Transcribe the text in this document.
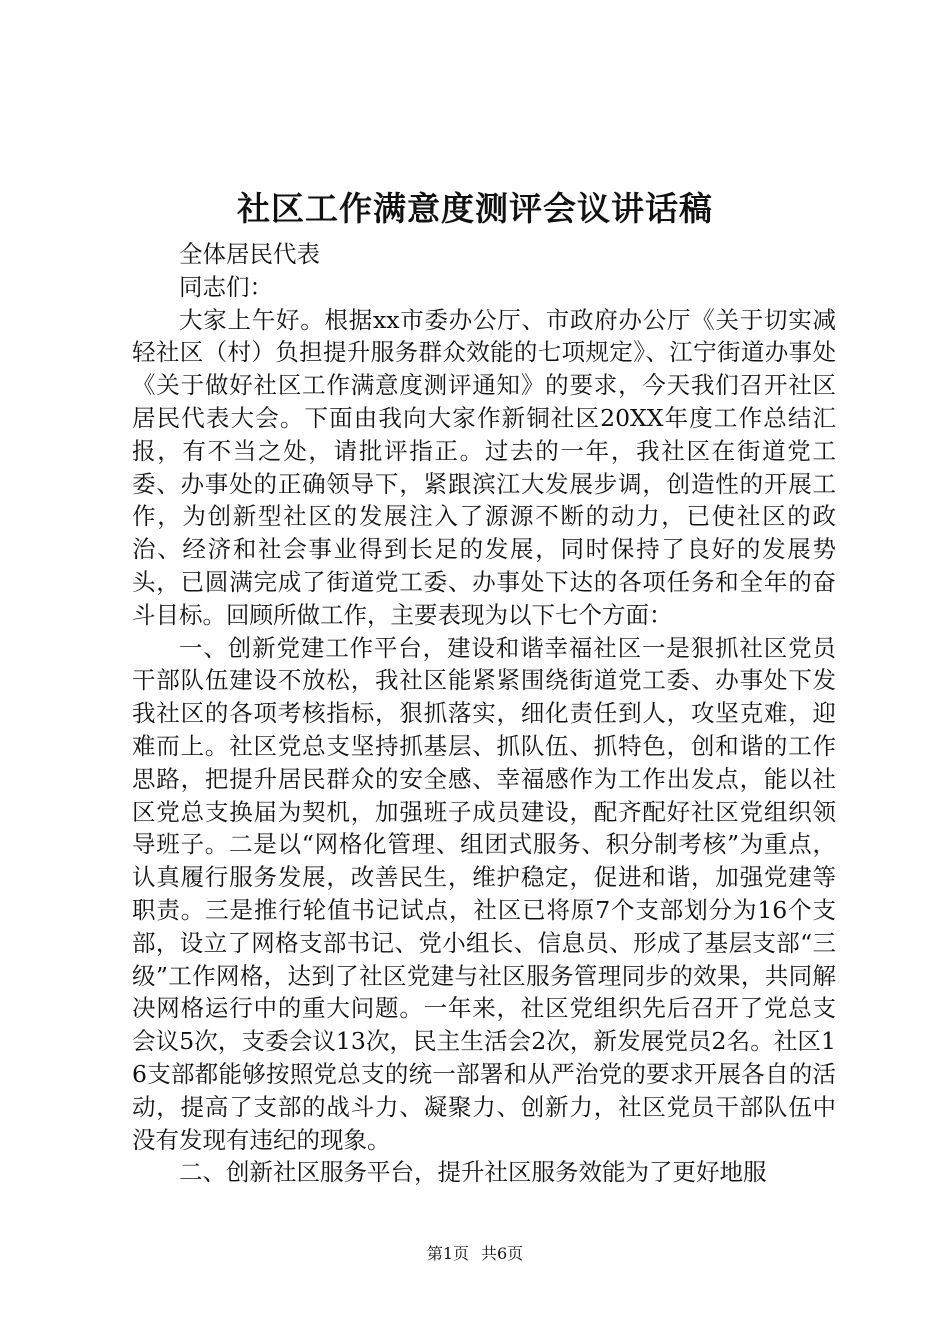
社区工作满意度测评会议讲话稿

全体居民代表

同志们：

大家上午好。根据xx市委办公厅、市政府办公厅《关于切实减轻社区（村）负担提升服务群众效能的七项规定》、江宁街道办事处《关于做好社区工作满意度测评通知》的要求，今天我们召开社区居民代表大会。下面由我向大家作新铜社区20XX年度工作总结汇报，有不当之处，请批评指正。过去的一年，我社区在街道党工委、办事处的正确领导下，紧跟滨江大发展步调，创造性的开展工作，为创新型社区的发展注入了源源不断的动力，已使社区的政治、经济和社会事业得到长足的发展，同时保持了良好的发展势头，已圆满完成了街道党工委、办事处下达的各项任务和全年的奋斗目标。回顾所做工作，主要表现为以下七个方面：

一、创新党建工作平台，建设和谐幸福社区一是狠抓社区党员干部队伍建设不放松，我社区能紧紧围绕街道党工委、办事处下发我社区的各项考核指标，狠抓落实，细化责任到人，攻坚克难，迎难而上。社区党总支坚持抓基层、抓队伍、抓特色，创和谐的工作思路，把提升居民群众的安全感、幸福感作为工作出发点，能以社区党总支换届为契机，加强班子成员建设，配齐配好社区党组织领导班子。二是以“网格化管理、组团式服务、积分制考核”为重点，认真履行服务发展，改善民生，维护稳定，促进和谐，加强党建等职责。三是推行轮值书记试点，社区已将原7个支部划分为16个支部，设立了网格支部书记、党小组长、信息员、形成了基层支部“三级”工作网格，达到了社区党建与社区服务管理同步的效果，共同解决网格运行中的重大问题。一年来，社区党组织先后召开了党总支会议5次，支委会议13次，民主生活会2次，新发展党员2名。社区16支部都能够按照党总支的统一部署和从严治党的要求开展各自的活动，提高了支部的战斗力、凝聚力、创新力，社区党员干部队伍中没有发现有违纪的现象。

二、创新社区服务平台，提升社区服务效能为了更好地服

第1页 共6页
